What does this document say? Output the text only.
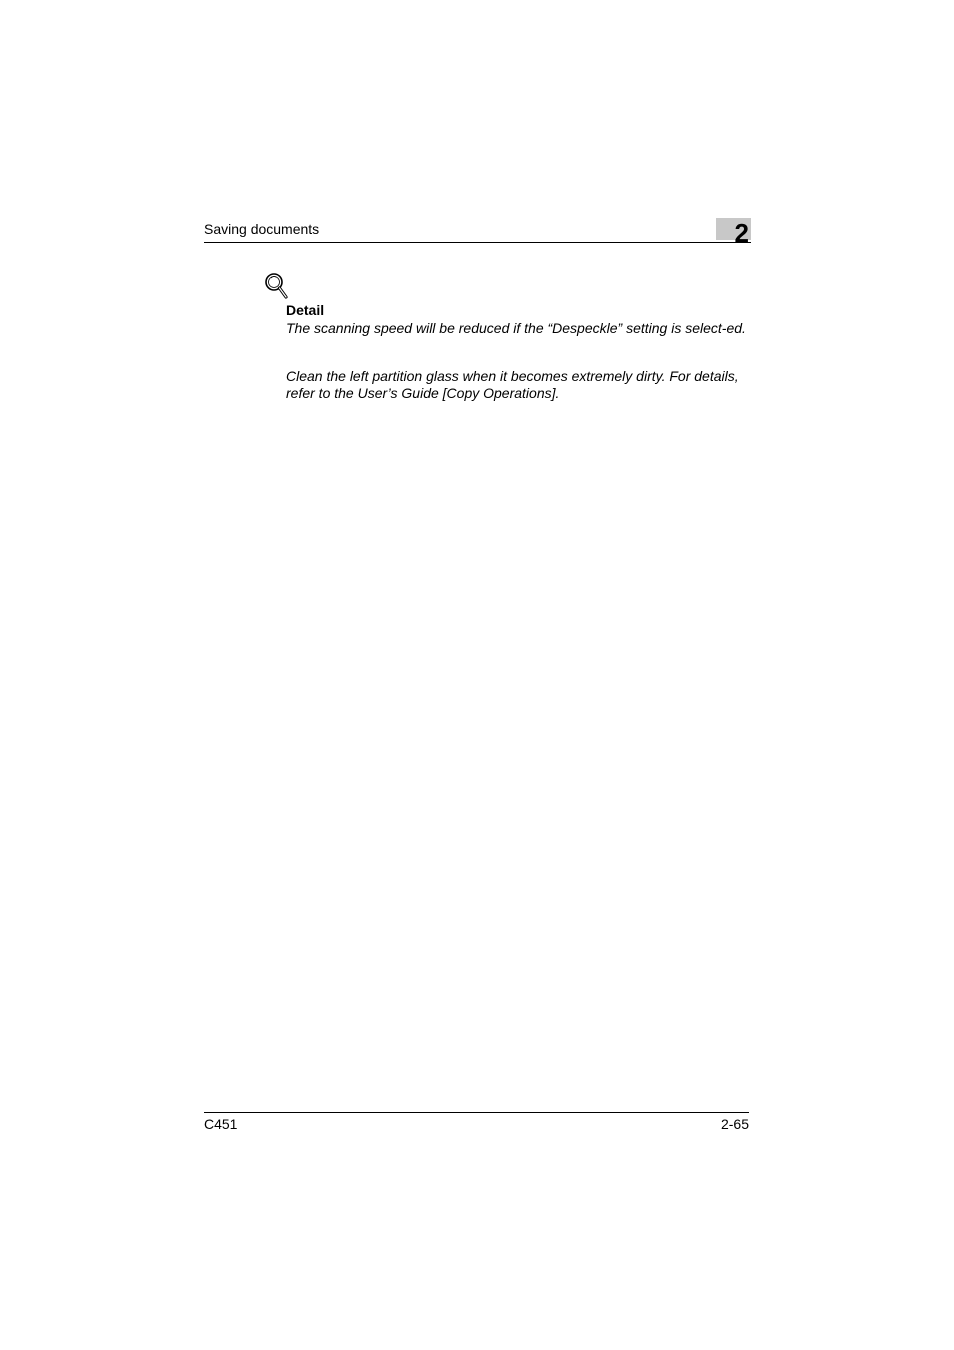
Saving documents	2
Detail
The scanning speed will be reduced if the “Despeckle” setting is select-ed.
Clean the left partition glass when it becomes extremely dirty. For details, refer to the User’s Guide [Copy Operations].
C451	2-65
